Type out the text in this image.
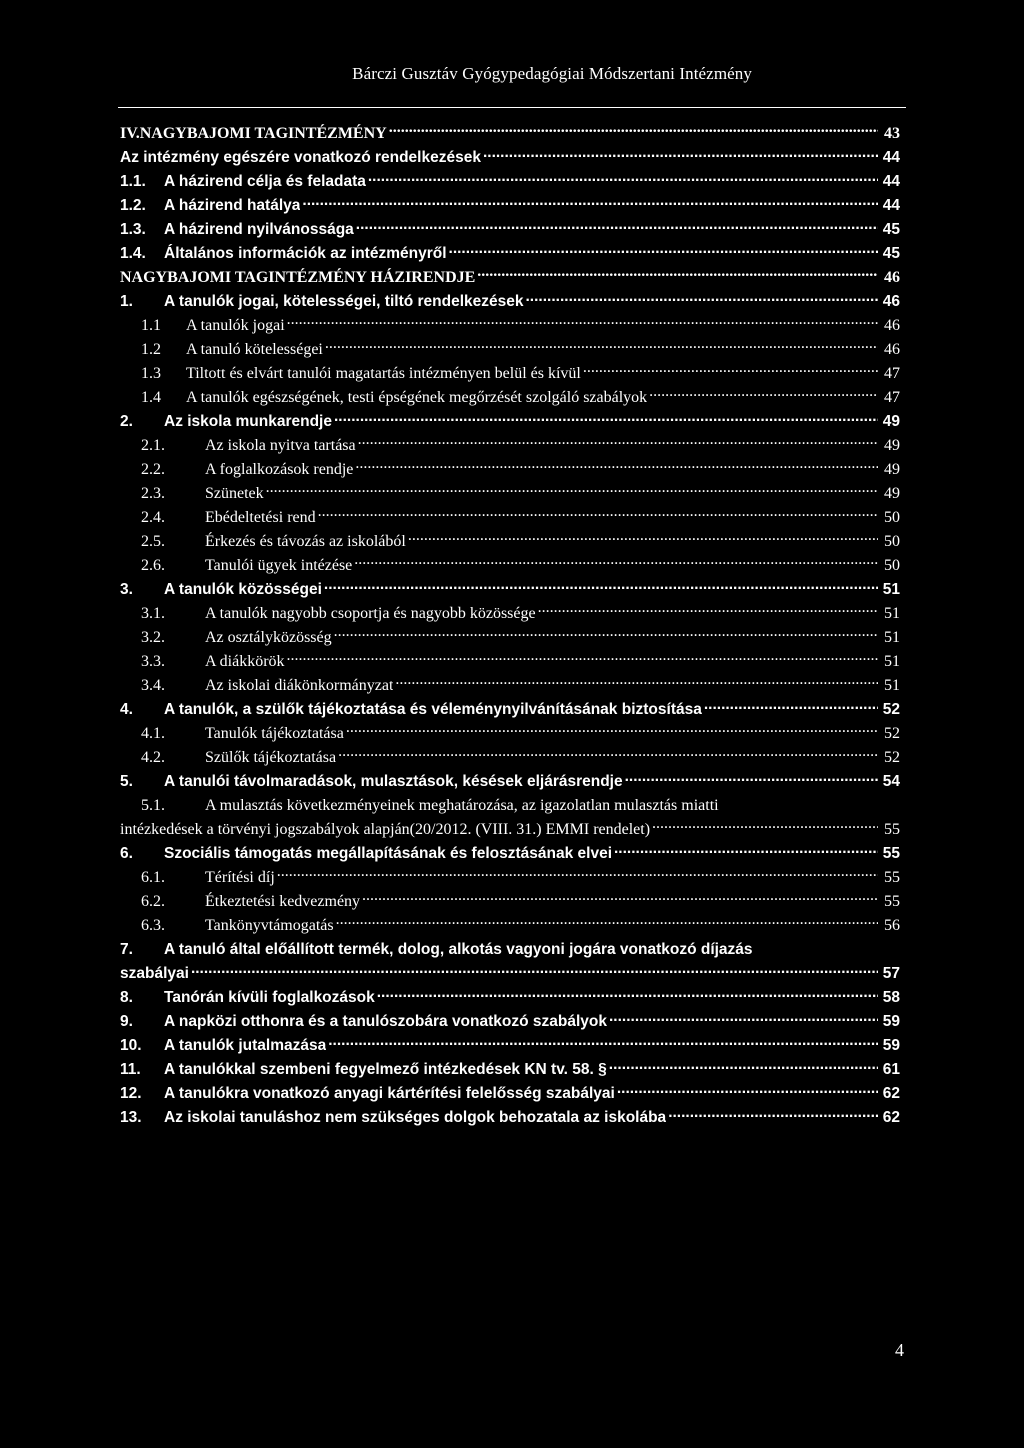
Bárczi Gusztáv Gyógypedagógiai Módszertani Intézmény
IV.NAGYBAJOMI TAGINTÉZMÉNY .....	43
Az intézmény egészére vonatkozó rendelkezések .....	44
1.1.	A házirend célja és feladata .....	44
1.2.	A házirend hatálya .....	44
1.3.	A házirend nyilvánossága .....	45
1.4.	Általános információk az intézményről .....	45
NAGYBAJOMI TAGINTÉZMÉNY HÁZIRENDJE .....	46
1.	A tanulók jogai, kötelességei, tiltó rendelkezések .....	46
1.1	A tanulók jogai .....	46
1.2	A tanuló kötelességei .....	46
1.3	Tiltott és elvárt tanulói magatartás intézményen belül és kívül .....	47
1.4	A tanulók egészségének, testi épségének megőrzését szolgáló szabályok .....	47
2.	Az iskola munkarendje .....	49
2.1.	Az iskola nyitva tartása .....	49
2.2.	A foglalkozások rendje .....	49
2.3.	Szünetek .....	49
2.4.	Ebédeltetési rend .....	50
2.5.	Érkezés és távozás az iskolából .....	50
2.6.	Tanulói ügyek intézése .....	50
3.	A tanulók közösségei .....	51
3.1.	A tanulók nagyobb csoportja és nagyobb közössége .....	51
3.2.	Az osztályközösség .....	51
3.3.	A diákkörök .....	51
3.4.	Az iskolai diákönkormányzat .....	51
4.	A tanulók, a szülők tájékoztatása és véleménynyilvánításának biztosítása .....	52
4.1.	Tanulók tájékoztatása .....	52
4.2.	Szülők tájékoztatása .....	52
5.	A tanulói távolmaradások, mulasztások, késések eljárásrendje .....	54
5.1.	A mulasztás következményeinek meghatározása, az igazolatlan mulasztás miatti
intézkedések a törvényi jogszabályok alapján(20/2012. (VIII. 31.) EMMI rendelet) .....	55
6.	Szociális támogatás megállapításának és felosztásának elvei .....	55
6.1.	Térítési díj .....	55
6.2.	Étkeztetési kedvezmény .....	55
6.3.	Tankönyvtámogatás .....	56
7.	A tanuló által előállított termék, dolog, alkotás vagyoni jogára vonatkozó díjazás
szabályai .....	57
8.	Tanórán kívüli foglalkozások .....	58
9.	A napközi otthonra és a tanulószobára vonatkozó szabályok .....	59
10.	A tanulók jutalmazása .....	59
11.	A tanulókkal szembeni fegyelmező intézkedések KN tv. 58. § .....	61
12.	A tanulókra vonatkozó anyagi kártérítési felelősség szabályai .....	62
13.	Az iskolai tanuláshoz nem szükséges dolgok behozatala az iskolába .....	62
4
